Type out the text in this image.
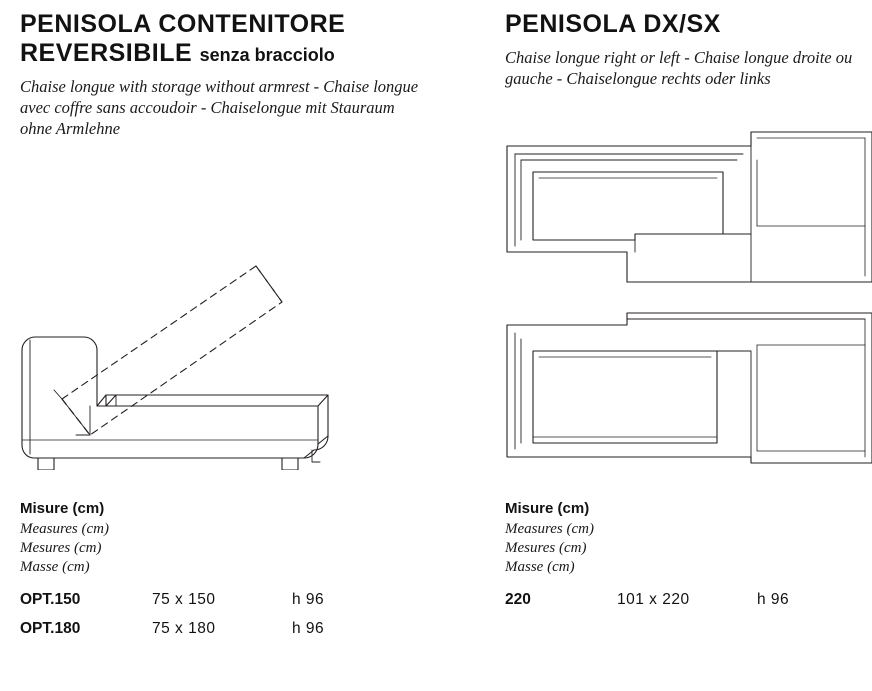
PENISOLA CONTENITORE
REVERSIBILE senza bracciolo

Chaise longue with storage without armrest - Chaise longue avec coffre sans accoudoir - Chaiselongue mit Stauraum ohne Armlehne

Misure (cm)

Measures (cm)

Mesures (cm)

Masse (cm)

OPT.150	75 x 150	h 96
OPT.180	75 x 180	h 96
PENISOLA DX/SX

Chaise longue right or left - Chaise longue droite ou
gauche - Chaiselongue rechts oder links

Misure (cm)

Measures (cm)

Mesures (cm)

Masse (cm)

220	101 x 220	h 96
